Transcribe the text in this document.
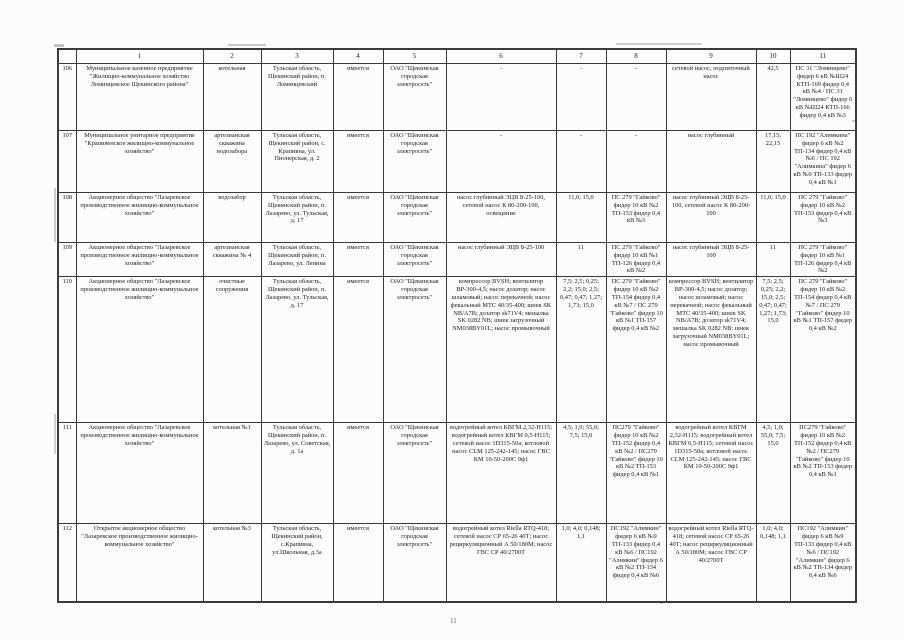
	1	2	3	4	5	6	7	8	9	10	11
106	Муниципальное казенное предприятие "Жилищно-коммунальное хозяйство Ломинцевское Щекинского района"	котельная	Тульская область, Щекинский район, п. Ломинцевский	имеется	ОАО "Щекинская городская электросеть"	-	-	-	сетевой насос, подпиточный насос	42,5	ПС 31 "Ломинцево" фидер 6 кВ №Ш24 КТП-169 фидер 0,4 кВ №4 / ПС 31 "Ломинцево" фидер 6 кВ №Ш24 КТП-166 фидер 0,4 кВ №3
107	Муниципальное унитарное предприятие "Крапивенское жилищно-коммунальное хозяйство"	артезианская скважина водозабора	Тульская область, Щекинский район, с. Крапивна, ул. Пионерская, д. 2	имеется	ОАО "Щекинская городская электросеть"	-	-	-	насос глубинный	17,15; 22,15	ПС 192 "Алимкина" фидер 6 кВ №2 ТП-134 фидер 0,4 кВ №6 / ПС 192 "Алимкина" фидер 6 кВ №9 ТП-133 фидер 0,4 кВ №1
108	Акционерное общество "Лазаревское производственное жилищно-коммунальное хозяйство"	водозабор	Тульская область, Щекинский район, п. Лазарево, ул. Тульская, д. 17	имеется	ОАО "Щекинская городская электросеть"	насос глубинный ЭЦВ 8-25-100, сетевой насос К 80-200-100, освещение	11,0; 15,0	ПС 279 "Гайково" фидер 10 кВ №2 ТП-153 фидер 0,4 кВ №3	насос глубинный ЭЦВ 8-25-100, сетевой насос К 80-200-100	11,0; 15,0	ПС 279 "Гайково" фидер 10 кВ №2 ТП-153 фидер 0,4 кВ №3
109	Акционерное общество "Лазаревское производственное жилищно-коммунальное хозяйство"	артезианская скважина № 4	Тульская область, Щекинский район, п. Лазарево, ул. Ленина	имеется	ОАО "Щекинская городская электросеть"	насос глубинный ЭЦВ 8-25-100	11	ПС 279 "Гайково" фидер 10 кВ №1 ТП-126 фидер 0,4 кВ №2	насос глубинный ЭЦВ 8-25-100	11	ПС 279 "Гайково" фидер 10 кВ №1 ТП-126 фидер 0,4 кВ №2
110	Акционерное общество "Лазаревское производственное жилищно-коммунальное хозяйство"	очистные сооружения	Тульская область, Щекинский район, п. Лазарево, ул. Тульская, д. 17	имеется	ОАО "Щекинская городская электросеть"	компрессор BVSH; вентилятор ВР-300-4,5; насос дозатор; насос шламовый; насос перекачной; насос фекальный МТС 40/35-400; шнек SK NB/A7B; дозатор sk71V4; мешалка SK 0282 NB; шнек загрузочный NM038BY01L; насос промывочный	7,5; 2,5; 0,25; 2,2; 15,0; 2,5; 0,47; 0,47; 1,27; 1,73; 15,0	ПС 279 "Гайково" фидер 10 кВ №2 ТП-154 фидер 0,4 кВ №7 / ПС 279 "Гайково" фидер 10 кВ №1 ТП-157 фидер 0,4 кВ №2	компрессор BVSH; вентилятор ВР-300-4,5; насос дозатор; насос шламовый; насос перекачной; насос фекальный МТС 40/35-400; шнек SK NB/A7B; дозатор sk71V4; мешалка SK 0282 NB; шнек загрузочный NM038BY01L; насос промывочный	7,5; 2,5; 0,25; 2,2; 15,0; 2,5; 0,47; 0,47; 1,27; 1,73; 15,0	ПС 279 "Гайково" фидер 10 кВ №2 ТП-154 фидер 0,4 кВ №7 / ПС 279 "Гайково" фидер 10 кВ №1 ТП-157 фидер 0,4 кВ №2
111	Акционерное общество "Лазаревское производственное жилищно-коммунальное хозяйство"	котельная №1	Тульская область, Щекинский район, п. Лазарево, ул. Советская, д. 1а	имеется	ОАО "Щекинская городская электросеть"	водогрейный котел КВГМ 2,32-Н115; водогрейный котел КВГМ 0,5-Н115; сетевой насос 1D315-50a; котловой насос CLM 125-242-145; насос ГВС КМ 10-50-200С 9ф1	4,5; 1,0; 55,0; 7,5; 15,0	ПС279 "Гайково" фидер 10 кВ №2 ТП-152 фидер 0,4 кВ №2 / ПС279 "Гайково" фидер 10 кВ №2 ТП-153 фидер 0,4 кВ №1	водогрейный котел КВГМ 2,32-Н115; водогрейный котел КВГМ 0,5-Н115; сетевой насос 1D315-50a; котловой насос CLM 125-242-145; насос ГВС КМ 10-50-200С 9ф1	4,5; 1,0; 55,0; 7,5; 15,0	ПС279 "Гайково" фидер 10 кВ №2 ТП-152 фидер 0,4 кВ №2 / ПС279 "Гайково" фидер 10 кВ №2 ТП-153 фидер 0,4 кВ №1
112	Открытое акционерное общество "Лазаревское производственное жилищно-коммунальное хозяйство"	котельная №3	Тульская область, Щекинский район, с.Крапивна, ул.Школьная, д.3а	имеется	ОАО "Щекинская городская электросеть"	водогрейный котел Riella RTQ-418; сетевой насос СР 65-26 40Т; насос рециркуляционный А 50/180М; насос ГВС СР 40/2700Т	1,0; 4,0; 0,148; 1,1	ПС192 "Алимкин" фидер 6 кВ №9 ТП-133 фидер 0,4 кВ №6 / ПС192 "Алимкин" фидер 6 кВ №2 ТП-134 фидер 0,4 кВ №6	водогрейный котел Riella RTQ-418; сетевой насос СР 65-26 40Т; насос рециркуляционный А 50/180М; насос ГВС СР 40/2700Т	1,0; 4,0; 0,148; 1,1	ПС192 "Алимкин" фидер 6 кВ №9 ТП-133 фидер 0,4 кВ №6 / ПС192 "Алимкин" фидер 6 кВ №2 ТП-134 фидер 0,4 кВ №6
11
